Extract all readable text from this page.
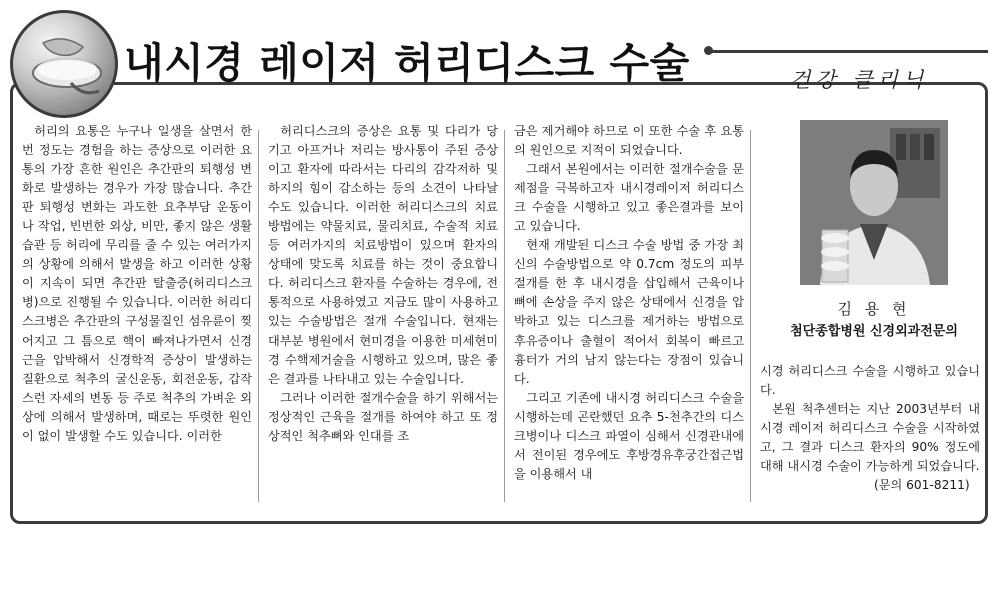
내시경 레이저 허리디스크 수술	건강 클리닉

허리의 요통은 누구나 일생을 살면서 한번 정도는 경험을 하는 증상으로 이러한 요통의 가장 흔한 원인은 추간판의 퇴행성 변화로 발생하는 경우가 가장 많습니다. 추간판 퇴행성 변화는 과도한 요추부담 운동이나 작업, 빈번한 외상, 비만, 좋지 않은 생활습관 등 허리에 무리를 줄 수 있는 여러가지의 상황에 의해서 발생을 하고 이러한 상황이 지속이 되면 추간판 탈출증(허리디스크병)으로 진행될 수 있습니다. 이러한 허리디스크병은 추간판의 구성물질인 섬유륜이 찢어지고 그 틈으로 핵이 빠져나가면서 신경근을 압박해서 신경학적 증상이 발생하는 질환으로 척추의 굴신운동, 회전운동, 갑작스런 자세의 변동 등 주로 척추의 가벼운 외상에 의해서 발생하며, 때로는 뚜렷한 원인이 없이 발생할 수도 있습니다. 이러한

허리디스크의 증상은 요통 및 다리가 당기고 아프거나 저리는 방사통이 주된 증상이고 환자에 따라서는 다리의 감각저하 및 하지의 힘이 감소하는 등의 소견이 나타날 수도 있습니다. 이러한 허리디스크의 치료 방법에는 약물치료, 물리치료, 수술적 치료 등 여러가지의 치료방법이 있으며 환자의 상태에 맞도록 치료를 하는 것이 중요합니다. 허리디스크 환자를 수술하는 경우에, 전통적으로 사용하였고 지금도 많이 사용하고 있는 수술방법은 절개 수술입니다. 현재는 대부분 병원에서 현미경을 이용한 미세현미경 수핵제거술을 시행하고 있으며, 많은 좋은 결과를 나타내고 있는 수술입니다.

그러나 이러한 절개수술을 하기 위해서는 정상적인 근육을 절개를 하여야 하고 또 정상적인 척추뼈와 인대를 조

금은 제거해야 하므로 이 또한 수술 후 요통의 원인으로 지적이 되었습니다.

그래서 본원에서는 이러한 절개수술을 문제점을 극복하고자 내시경레이저 허리디스크 수술을 시행하고 있고 좋은결과를 보이고 있습니다.

현재 개발된 디스크 수술 방법 중 가장 최신의 수술방법으로 약 0.7cm 정도의 피부절개를 한 후 내시경을 삽입해서 근육이나 뼈에 손상을 주지 않은 상태에서 신경을 압박하고 있는 디스크를 제거하는 방법으로 후유증이나 출혈이 적어서 회복이 빠르고 흉터가 거의 남지 않는다는 장점이 있습니다.

그리고 기존에 내시경 허리디스크 수술을 시행하는데 곤란했던 요추 5-천추간의 디스크병이나 디스크 파열이 심해서 신경관내에서 전이된 경우에도 후방경유후궁간접근법을 이용해서 내

김 용 현
첨단종합병원 신경외과전문의

시경 허리디스크 수술을 시행하고 있습니다.

본원 척추센터는 지난 2003년부터 내시경 레이저 허리디스크 수술을 시작하였고, 그 결과 디스크 환자의 90% 정도에 대해 내시경 수술이 가능하게 되었습니다.

(문의 601-8211)
